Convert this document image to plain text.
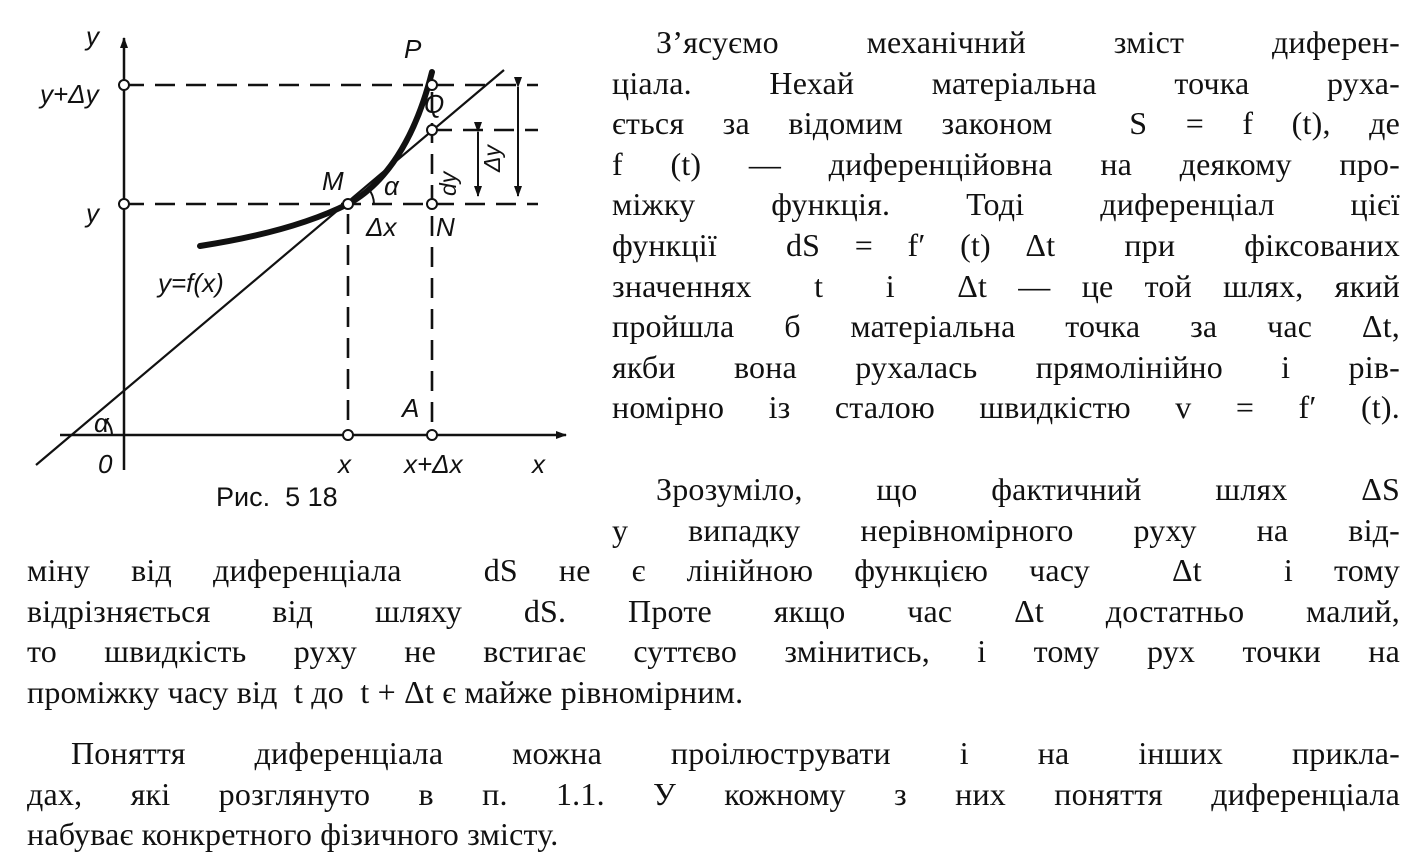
y
y+Δy
y
P
Q
M α dy
Δy
Δx N
y=f(x)
A
α
0	x x+Δx	x
Рис.  5 18

З’ясуємо механічний зміст диферен-
ціала. Нехай матеріальна точка руха-
ється за відомим законом  S = f (t), де
f (t) — диференційовна на деякому про-
міжку функція. Тоді диференціал цієї
функції  dS = f′ (t) Δt  при  фіксованих
значеннях  t  і  Δt — це той шлях, який
пройшла б матеріальна точка за час Δt,
якби вона рухалась прямолінійно і рів-
номірно із сталою швидкістю v = f′ (t).

Зрозуміло, що фактичний шлях ΔS
у випадку нерівномірного руху на від-

міну від диференціала  dS не є лінійною функцією часу  Δt  і тому
відрізняється від шляху dS. Проте якщо час Δt достатньо малий,
то швидкість руху не встигає суттєво змінитись, і тому рух точки на
проміжку часу від  t до  t + Δt є майже рівномірним.

Поняття диференціала можна проілюструвати і на інших прикла-
дах, які розглянуто в п. 1.1. У кожному з них поняття диференціала
набуває конкретного фізичного змісту.
